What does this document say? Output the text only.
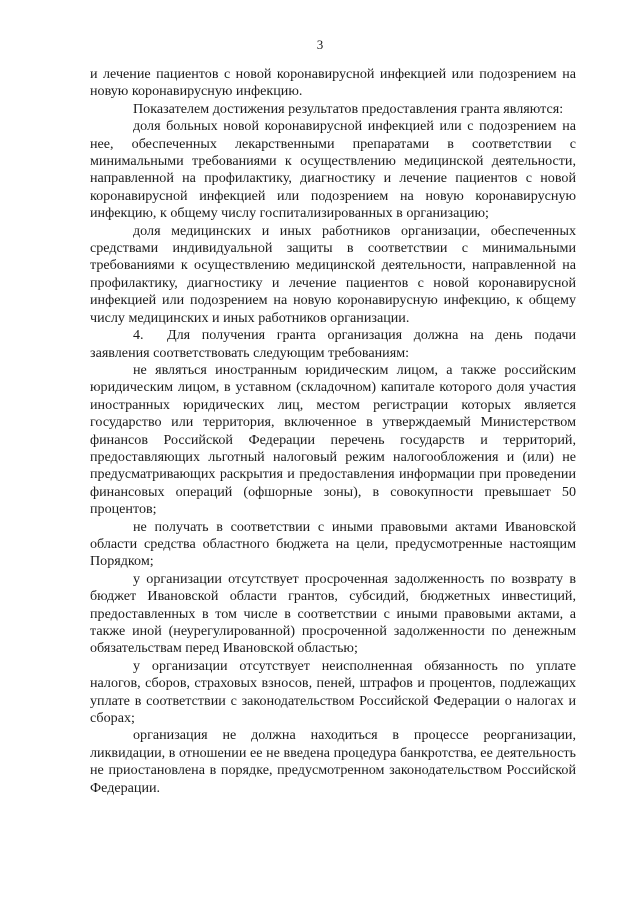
3

и лечение пациентов с новой коронавирусной инфекцией или подозрением на новую коронавирусную инфекцию.

Показателем достижения результатов предоставления гранта являются:

доля больных новой коронавирусной инфекцией или с подозрением на нее, обеспеченных лекарственными препаратами в соответствии с минимальными требованиями к осуществлению медицинской деятельности, направленной на профилактику, диагностику и лечение пациентов с новой коронавирусной инфекцией или подозрением на новую коронавирусную инфекцию, к общему числу госпитализированных в организацию;

доля медицинских и иных работников организации, обеспеченных средствами индивидуальной защиты в соответствии с минимальными требованиями к осуществлению медицинской деятельности, направленной на профилактику, диагностику и лечение пациентов с новой коронавирусной инфекцией или подозрением на новую коронавирусную инфекцию, к общему числу медицинских и иных работников организации.

4.	Для получения гранта организация должна на день подачи

заявления соответствовать следующим требованиям:

не являться иностранным юридическим лицом, а также российским юридическим лицом, в уставном (складочном) капитале которого доля участия иностранных юридических лиц, местом регистрации которых является государство или территория, включенное в утверждаемый Министерством финансов Российской Федерации перечень государств и территорий, предоставляющих льготный налоговый режим налогообложения и (или) не предусматривающих раскрытия и предоставления информации при проведении финансовых операций (офшорные зоны), в совокупности превышает 50 процентов;

не получать в соответствии с иными правовыми актами Ивановской области средства областного бюджета на цели, предусмотренные настоящим Порядком;

у организации отсутствует просроченная задолженность по возврату в бюджет Ивановской области грантов, субсидий, бюджетных инвестиций, предоставленных в том числе в соответствии с иными правовыми актами, а также иной (неурегулированной) просроченной задолженности по денежным обязательствам перед Ивановской областью;

у организации отсутствует неисполненная обязанность по уплате налогов, сборов, страховых взносов, пеней, штрафов и процентов, подлежащих уплате в соответствии с законодательством Российской Федерации о налогах и сборах;

организация не должна находиться в процессе реорганизации, ликвидации, в отношении ее не введена процедура банкротства, ее деятельность не приостановлена в порядке, предусмотренном законодательством Российской Федерации.
